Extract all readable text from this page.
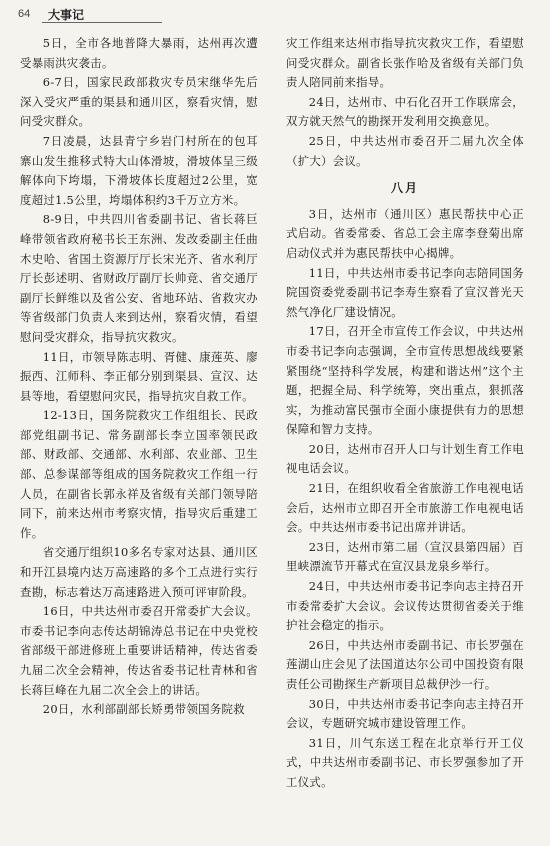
64 大事记

5日，全市各地普降大暴雨，达州再次遭受暴雨洪灾袭击。

6-7日，国家民政部救灾专员宋继华先后深入受灾严重的渠县和通川区，察看灾情，慰问受灾群众。

7日凌晨，达县青宁乡岩门村所在的包耳寨山发生推移式特大山体滑坡，滑坡体呈三级解体向下垮塌，下滑坡体长度超过2公里，宽度超过1.5公里，垮塌体积约3千万立方米。

8-9日，中共四川省委副书记、省长蒋巨峰带领省政府秘书长王东洲、发改委副主任曲木史哈、省国土资源厅厅长宋光齐、省水利厅厅长彭述明、省财政厅副厅长帅竞、省交通厅副厅长鲜维以及省公安、省地环站、省救灾办等省级部门负责人来到达州，察看灾情，看望慰问受灾群众，指导抗灾救灾。

11日，市领导陈志明、胥健、康莲英、廖振西、江师科、李正郁分别到渠县、宣汉、达县等地，看望慰问灾民，指导抗灾自救工作。

12-13日，国务院救灾工作组组长、民政部党组副书记、常务副部长李立国率领民政部、财政部、交通部、水利部、农业部、卫生部、总参谋部等组成的国务院救灾工作组一行人员，在副省长郭永祥及省级有关部门领导陪同下，前来达州市考察灾情，指导灾后重建工作。

省交通厅组织10多名专家对达县、通川区和开江县境内达万高速路的多个工点进行实行查勘，标志着达万高速路进入预可评审阶段。

16日，中共达州市委召开常委扩大会议。市委书记李向志传达胡锦涛总书记在中央党校省部级干部进修班上重要讲话精神，传达省委九届二次全会精神，传达省委书记杜青林和省长蒋巨峰在九届二次全会上的讲话。

20日，水利部副部长矫勇带领国务院救

灾工作组来达州市指导抗灾救灾工作，看望慰问受灾群众。副省长张作哈及省级有关部门负责人陪同前来指导。

24日，达州市、中石化召开工作联席会，双方就天然气的勘探开发利用交换意见。

25日，中共达州市委召开二届九次全体（扩大）会议。

八月

3日，达州市（通川区）惠民帮扶中心正式启动。省委常委、省总工会主席李登菊出席启动仪式并为惠民帮扶中心揭牌。

11日，中共达州市委书记李向志陪同国务院国资委党委副书记李寿生察看了宣汉普光天然气净化厂建设情况。

17日，召开全市宣传工作会议，中共达州市委书记李向志强调，全市宣传思想战线要紧紧围绕“坚持科学发展，构建和谐达州”这个主题，把握全局、科学统筹，突出重点，狠抓落实，为推动富民强市全面小康提供有力的思想保障和智力支持。

20日，达州市召开人口与计划生育工作电视电话会议。

21日，在组织收看全省旅游工作电视电话会后，达州市立即召开全市旅游工作电视电话会。中共达州市委书记出席并讲话。

23日，达州市第二届（宣汉县第四届）百里峡漂流节开幕式在宣汉县龙泉乡举行。

24日，中共达州市委书记李向志主持召开市委常委扩大会议。会议传达贯彻省委关于维护社会稳定的指示。

26日，中共达州市委副书记、市长罗强在莲湖山庄会见了法国道达尔公司中国投资有限责任公司勘探生产新项目总裁伊沙一行。

30日，中共达州市委书记李向志主持召开会议，专题研究城市建设管理工作。

31日，川气东送工程在北京举行开工仪式，中共达州市委副书记、市长罗强参加了开工仪式。
